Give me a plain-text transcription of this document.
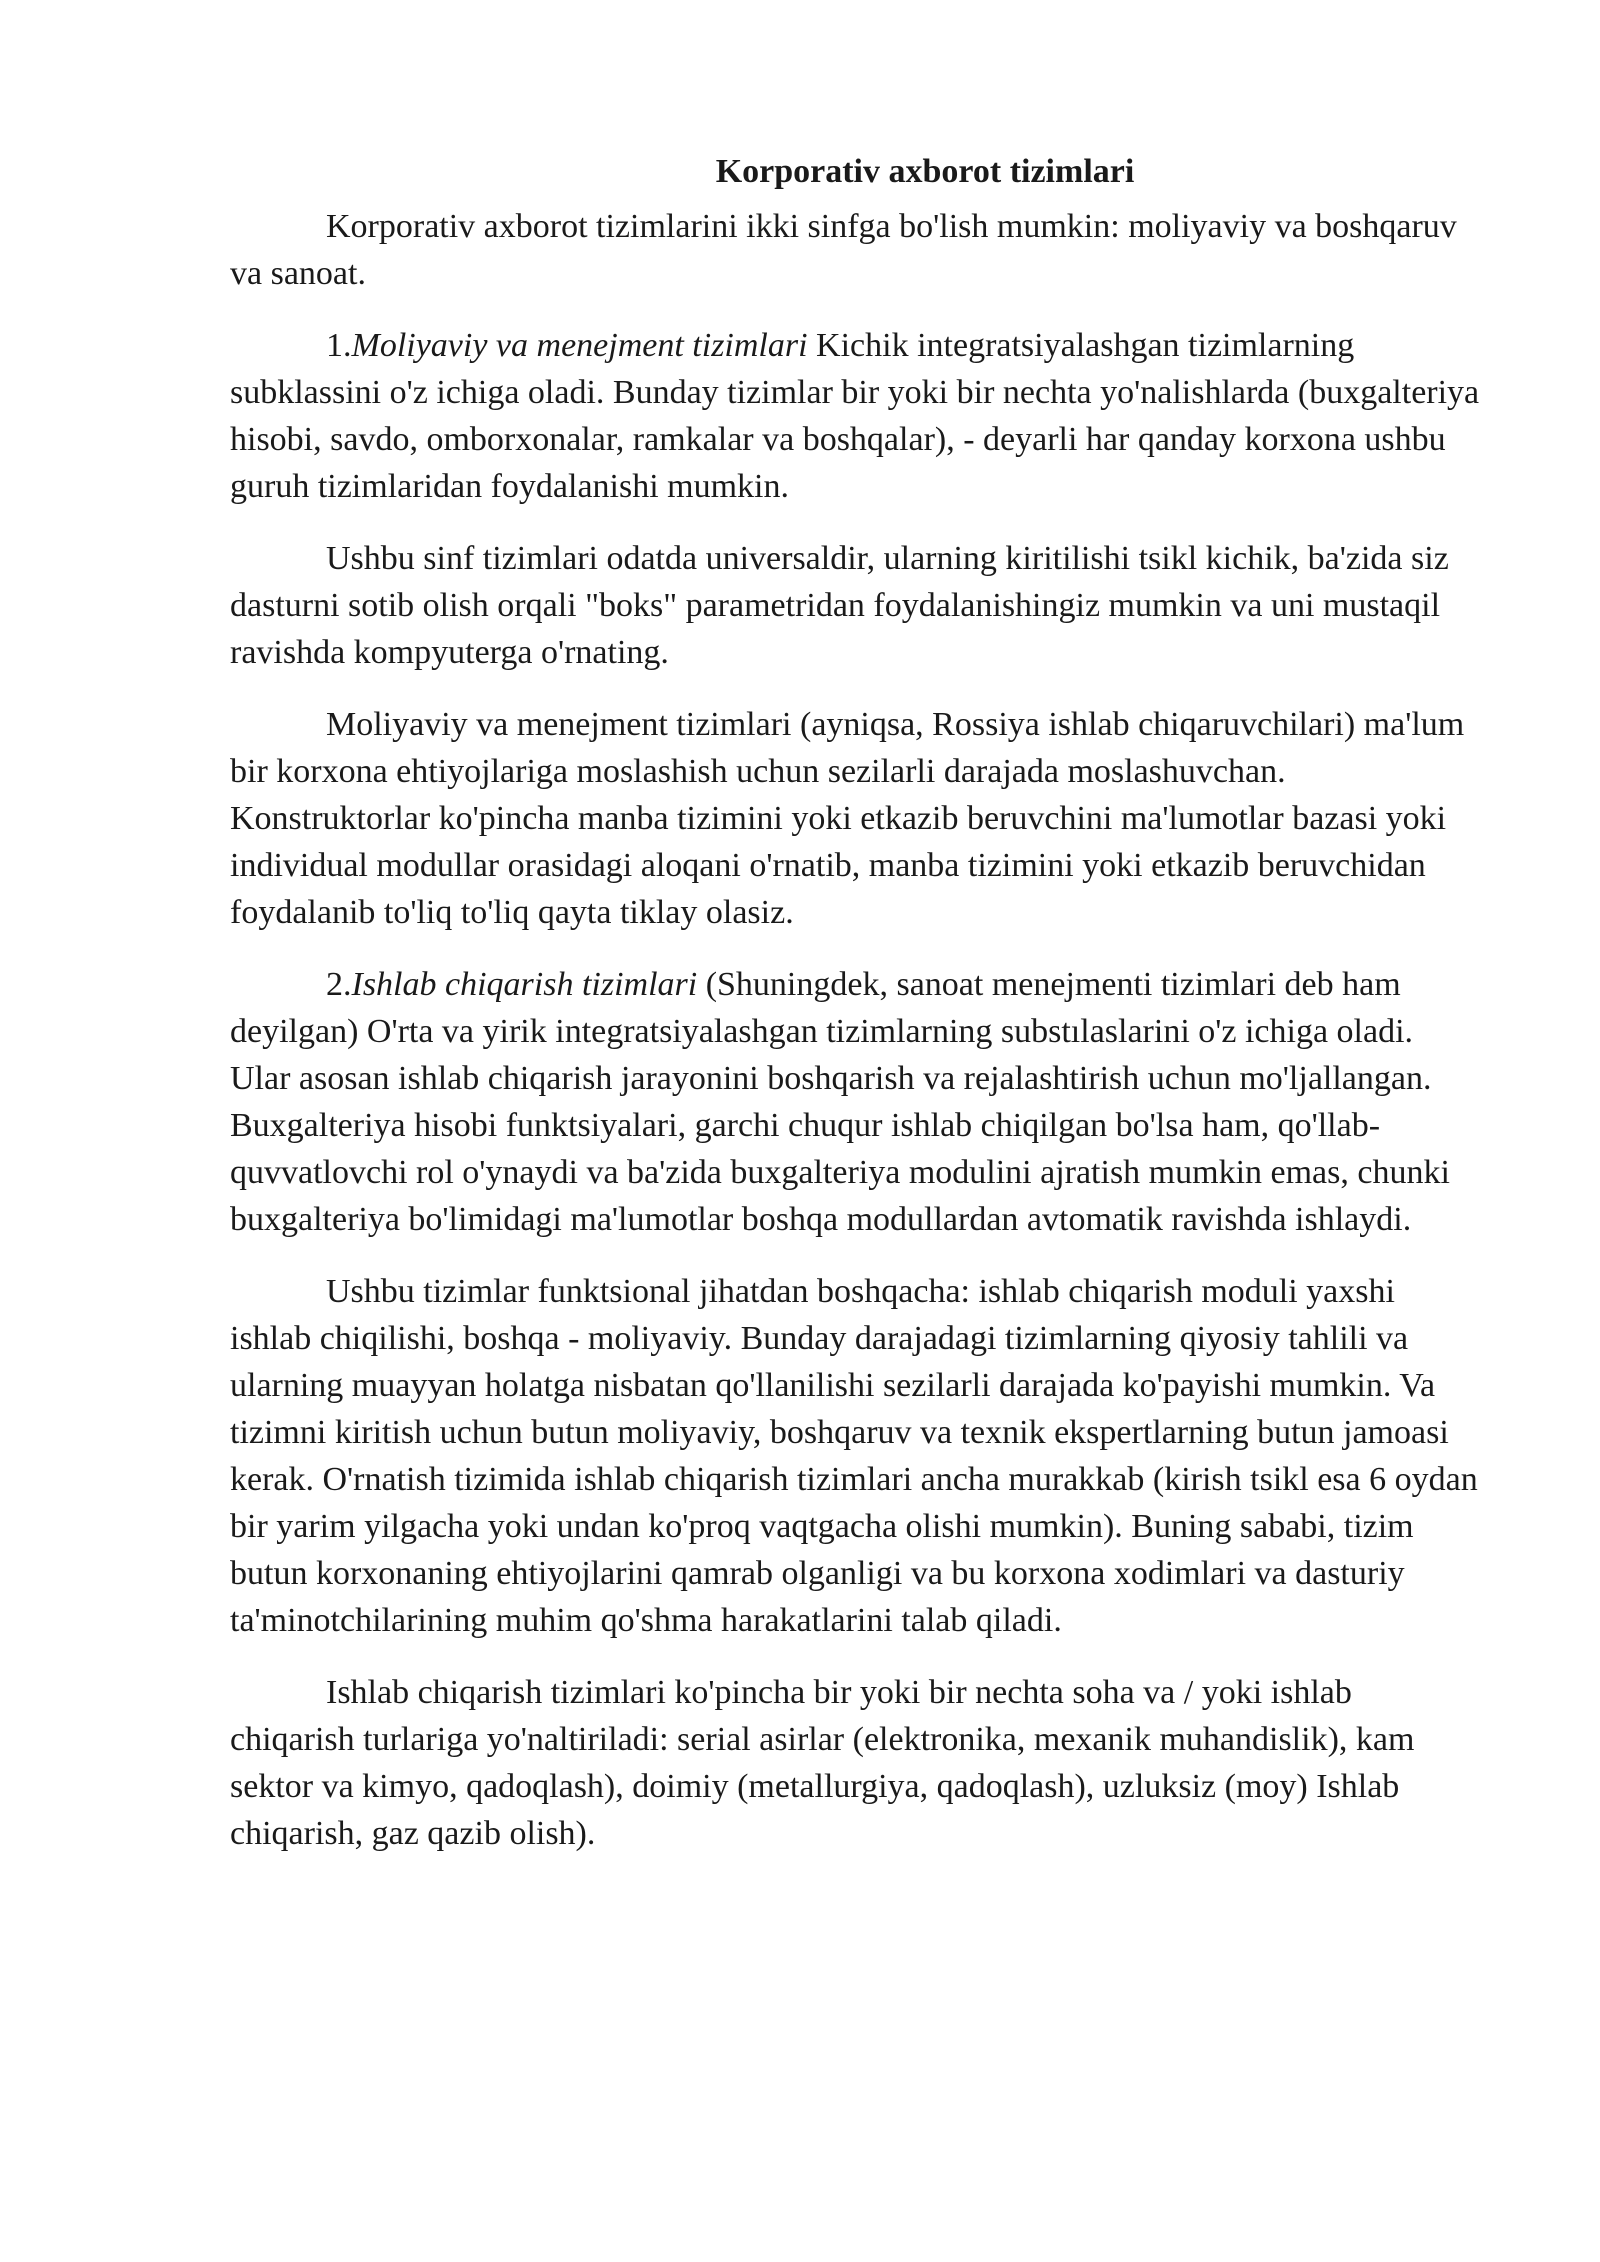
Korporativ axborot tizimlari

Korporativ axborot tizimlarini ikki sinfga bo'lish mumkin: moliyaviy va boshqaruv va sanoat.

1.Moliyaviy va menejment tizimlari Kichik integratsiyalashgan tizimlarning subklassini o'z ichiga oladi. Bunday tizimlar bir yoki bir nechta yo'nalishlarda (buxgalteriya hisobi, savdo, omborxonalar, ramkalar va boshqalar), - deyarli har qanday korxona ushbu guruh tizimlaridan foydalanishi mumkin.

Ushbu sinf tizimlari odatda universaldir, ularning kiritilishi tsikl kichik, ba'zida siz dasturni sotib olish orqali "boks" parametridan foydalanishingiz mumkin va uni mustaqil ravishda kompyuterga o'rnating.

Moliyaviy va menejment tizimlari (ayniqsa, Rossiya ishlab chiqaruvchilari) ma'lum bir korxona ehtiyojlariga moslashish uchun sezilarli darajada moslashuvchan. Konstruktorlar ko'pincha manba tizimini yoki etkazib beruvchini ma'lumotlar bazasi yoki individual modullar orasidagi aloqani o'rnatib, manba tizimini yoki etkazib beruvchidan foydalanib to'liq to'liq qayta tiklay olasiz.

2.Ishlab chiqarish tizimlari (Shuningdek, sanoat menejmenti tizimlari deb ham deyilgan) O'rta va yirik integratsiyalashgan tizimlarning substılaslarini o'z ichiga oladi. Ular asosan ishlab chiqarish jarayonini boshqarish va rejalashtirish uchun mo'ljallangan. Buxgalteriya hisobi funktsiyalari, garchi chuqur ishlab chiqilgan bo'lsa ham, qo'llab-quvvatlovchi rol o'ynaydi va ba'zida buxgalteriya modulini ajratish mumkin emas, chunki buxgalteriya bo'limidagi ma'lumotlar boshqa modullardan avtomatik ravishda ishlaydi.

Ushbu tizimlar funktsional jihatdan boshqacha: ishlab chiqarish moduli yaxshi ishlab chiqilishi, boshqa - moliyaviy. Bunday darajadagi tizimlarning qiyosiy tahlili va ularning muayyan holatga nisbatan qo'llanilishi sezilarli darajada ko'payishi mumkin. Va tizimni kiritish uchun butun moliyaviy, boshqaruv va texnik ekspertlarning butun jamoasi kerak. O'rnatish tizimida ishlab chiqarish tizimlari ancha murakkab (kirish tsikl esa 6 oydan bir yarim yilgacha yoki undan ko'proq vaqtgacha olishi mumkin). Buning sababi, tizim butun korxonaning ehtiyojlarini qamrab olganligi va bu korxona xodimlari va dasturiy ta'minotchilarining muhim qo'shma harakatlarini talab qiladi.

Ishlab chiqarish tizimlari ko'pincha bir yoki bir nechta soha va / yoki ishlab chiqarish turlariga yo'naltiriladi: serial asirlar (elektronika, mexanik muhandislik), kam sektor va kimyo, qadoqlash), doimiy (metallurgiya, qadoqlash), uzluksiz (moy) Ishlab chiqarish, gaz qazib olish).
